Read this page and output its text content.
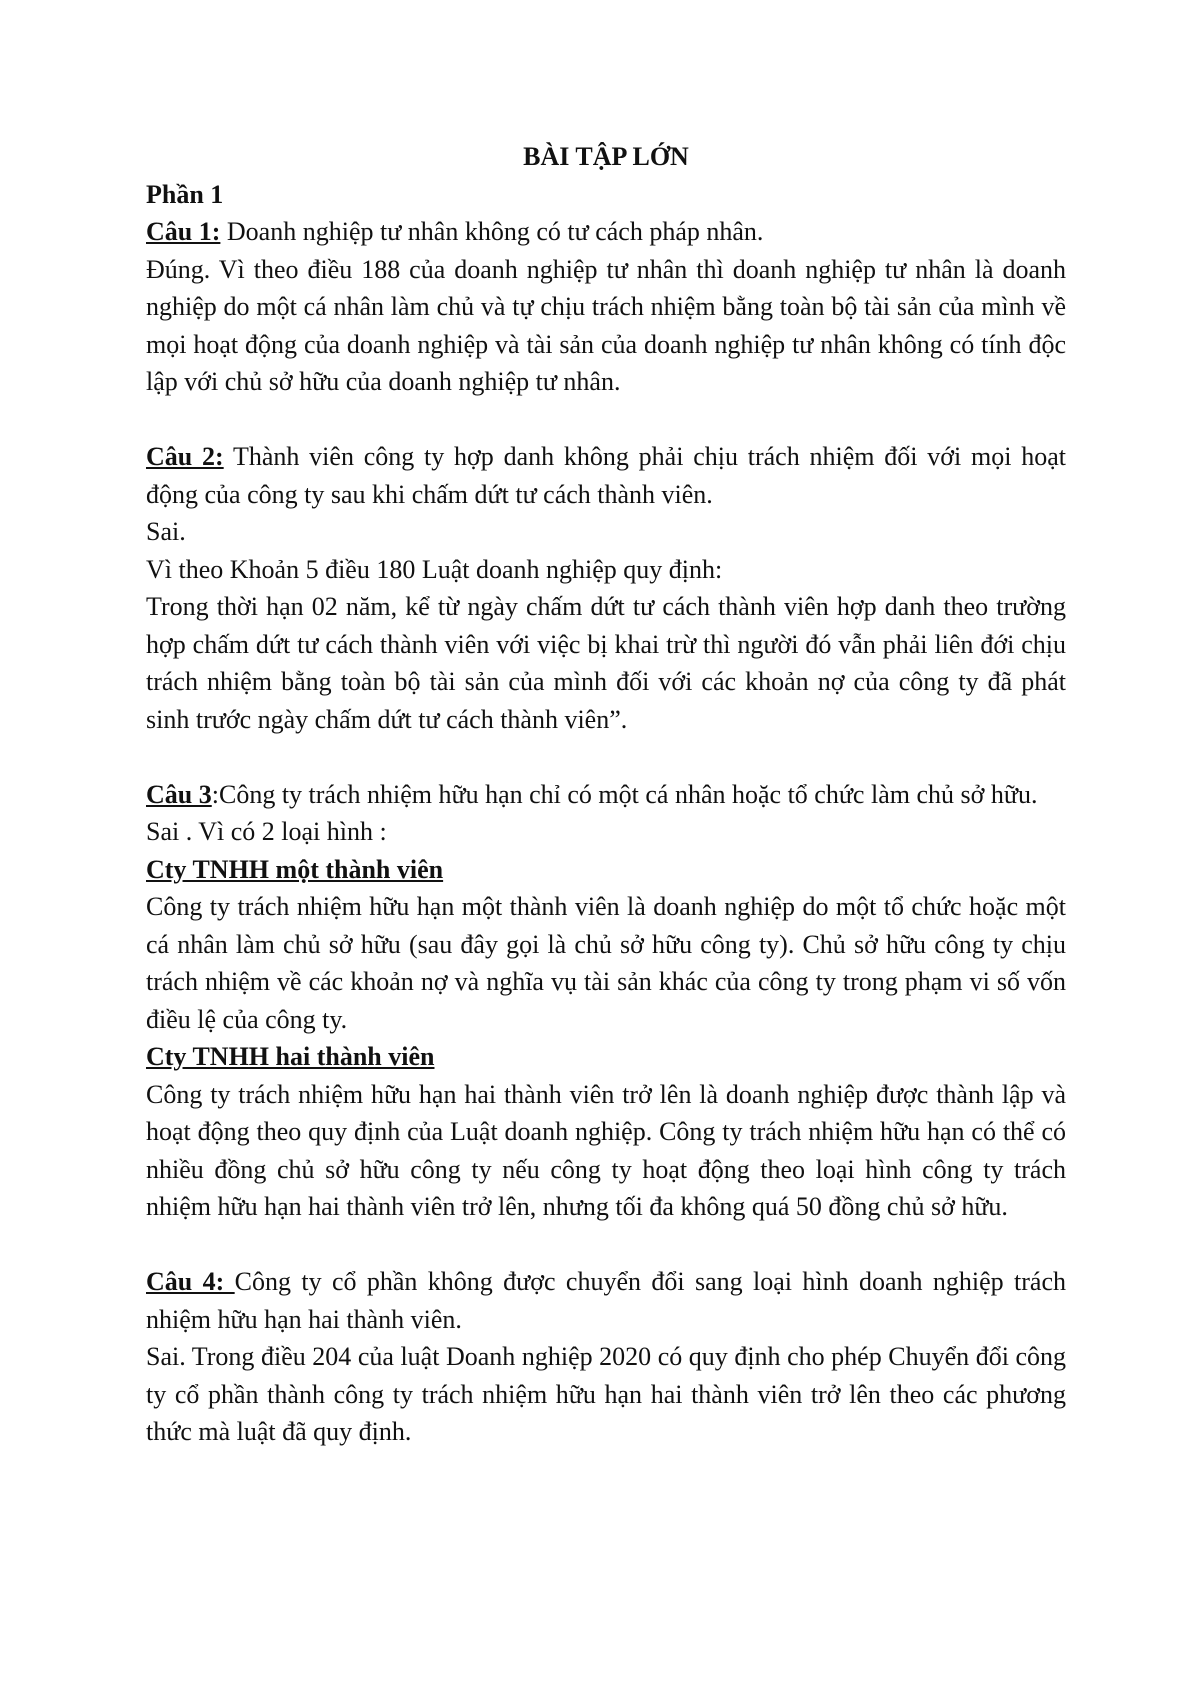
BÀI TẬP LỚN

Phần 1

Câu 1: Doanh nghiệp tư nhân không có tư cách pháp nhân.

Đúng. Vì theo điều 188 của doanh nghiệp tư nhân thì doanh nghiệp tư nhân là doanh nghiệp do một cá nhân làm chủ và tự chịu trách nhiệm bằng toàn bộ tài sản của mình về mọi hoạt động của doanh nghiệp và tài sản của doanh nghiệp tư nhân không có tính độc lập với chủ sở hữu của doanh nghiệp tư nhân.

Câu 2: Thành viên công ty hợp danh không phải chịu trách nhiệm đối với mọi hoạt động của công ty sau khi chấm dứt tư cách thành viên.

Sai.

Vì theo Khoản 5 điều 180 Luật doanh nghiệp quy định:

Trong thời hạn 02 năm, kể từ ngày chấm dứt tư cách thành viên hợp danh theo trường hợp chấm dứt tư cách thành viên với việc bị khai trừ thì người đó vẫn phải liên đới chịu trách nhiệm bằng toàn bộ tài sản của mình đối với các khoản nợ của công ty đã phát sinh trước ngày chấm dứt tư cách thành viên”.

Câu 3:Công ty trách nhiệm hữu hạn chỉ có một cá nhân hoặc tổ chức làm chủ sở hữu.

Sai . Vì có 2 loại hình :

Cty TNHH một thành viên

Công ty trách nhiệm hữu hạn một thành viên là doanh nghiệp do một tổ chức hoặc một cá nhân làm chủ sở hữu (sau đây gọi là chủ sở hữu công ty). Chủ sở hữu công ty chịu trách nhiệm về các khoản nợ và nghĩa vụ tài sản khác của công ty trong phạm vi số vốn điều lệ của công ty.

Cty TNHH hai thành viên

Công ty trách nhiệm hữu hạn hai thành viên trở lên là doanh nghiệp được thành lập và hoạt động theo quy định của Luật doanh nghiệp. Công ty trách nhiệm hữu hạn có thể có nhiều đồng chủ sở hữu công ty nếu công ty hoạt động theo loại hình công ty trách nhiệm hữu hạn hai thành viên trở lên, nhưng tối đa không quá 50 đồng chủ sở hữu.

Câu 4: Công ty cổ phần không được chuyển đổi sang loại hình doanh nghiệp trách nhiệm hữu hạn hai thành viên.

Sai. Trong điều 204 của luật Doanh nghiệp 2020 có quy định cho phép Chuyển đổi công ty cổ phần thành công ty trách nhiệm hữu hạn hai thành viên trở lên theo các phương thức mà luật đã quy định.
